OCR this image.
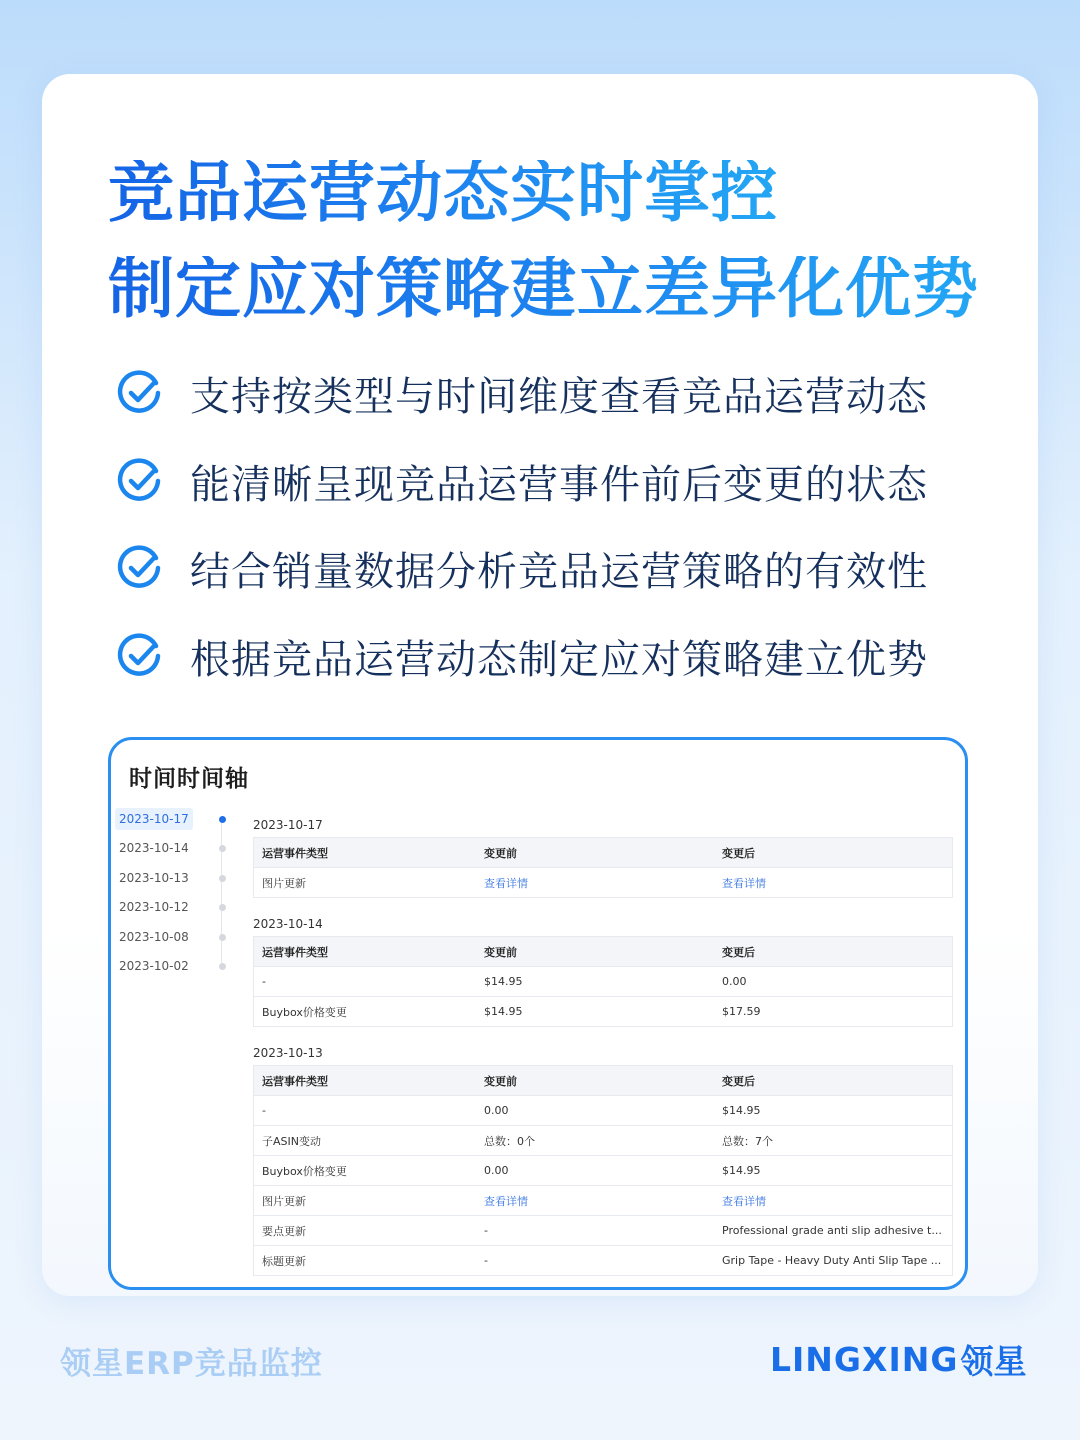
竞品运营动态实时掌控
制定应对策略建立差异化优势
支持按类型与时间维度查看竞品运营动态
能清晰呈现竞品运营事件前后变更的状态
结合销量数据分析竞品运营策略的有效性
根据竞品运营动态制定应对策略建立优势
时间时间轴
2023-10-17
2023-10-14
2023-10-13
2023-10-12
2023-10-08
2023-10-02
2023-10-17
运营事件类型	变更前	变更后
图片更新	查看详情	查看详情
2023-10-14
运营事件类型	变更前	变更后
-	$14.95	0.00
Buybox价格变更	$14.95	$17.59
2023-10-13
运营事件类型	变更前	变更后
-	0.00	$14.95
子ASIN变动	总数：0个	总数：7个
Buybox价格变更	0.00	$14.95
图片更新	查看详情	查看详情
要点更新	-	Professional grade anti slip adhesive t...
标题更新	-	Grip Tape - Heavy Duty Anti Slip Tape ...
领星ERP竞品监控	LINGXING 领星
